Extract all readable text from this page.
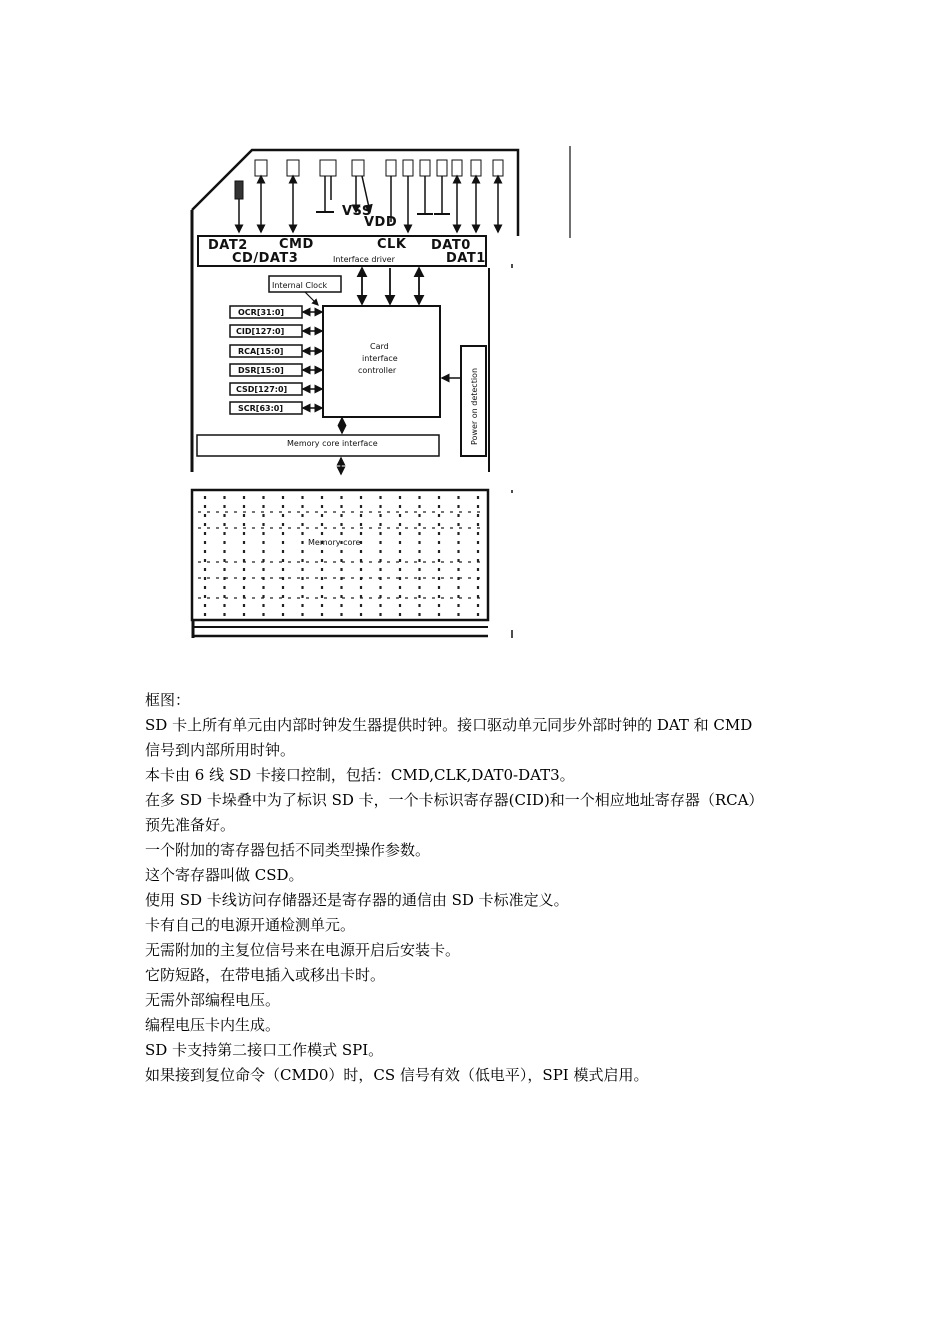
VSS
VDD
DAT2 CMD	CLK DAT0
CD/DAT3	DAT1
Interface driver
Internal Clock
Card
interface
controller
OCR[31:0]
CID[127:0]
RCA[15:0]
DSR[15:0]
CSD[127:0]
SCR[63:0]	Power on detection
Memory core interface
Memory core

框图：

SD 卡上所有单元由内部时钟发生器提供时钟。接口驱动单元同步外部时钟的 DAT 和 CMD

信号到内部所用时钟。

本卡由 6 线 SD 卡接口控制，包括：CMD,CLK,DAT0-DAT3。

在多 SD 卡垛叠中为了标识 SD 卡，一个卡标识寄存器(CID)和一个相应地址寄存器（RCA）

预先准备好。

一个附加的寄存器包括不同类型操作参数。

这个寄存器叫做 CSD。

使用 SD 卡线访问存储器还是寄存器的通信由 SD 卡标准定义。

卡有自己的电源开通检测单元。

无需附加的主复位信号来在电源开启后安装卡。

它防短路，在带电插入或移出卡时。

无需外部编程电压。

编程电压卡内生成。

SD 卡支持第二接口工作模式 SPI。

如果接到复位命令（CMD0）时，CS 信号有效（低电平），SPI 模式启用。
